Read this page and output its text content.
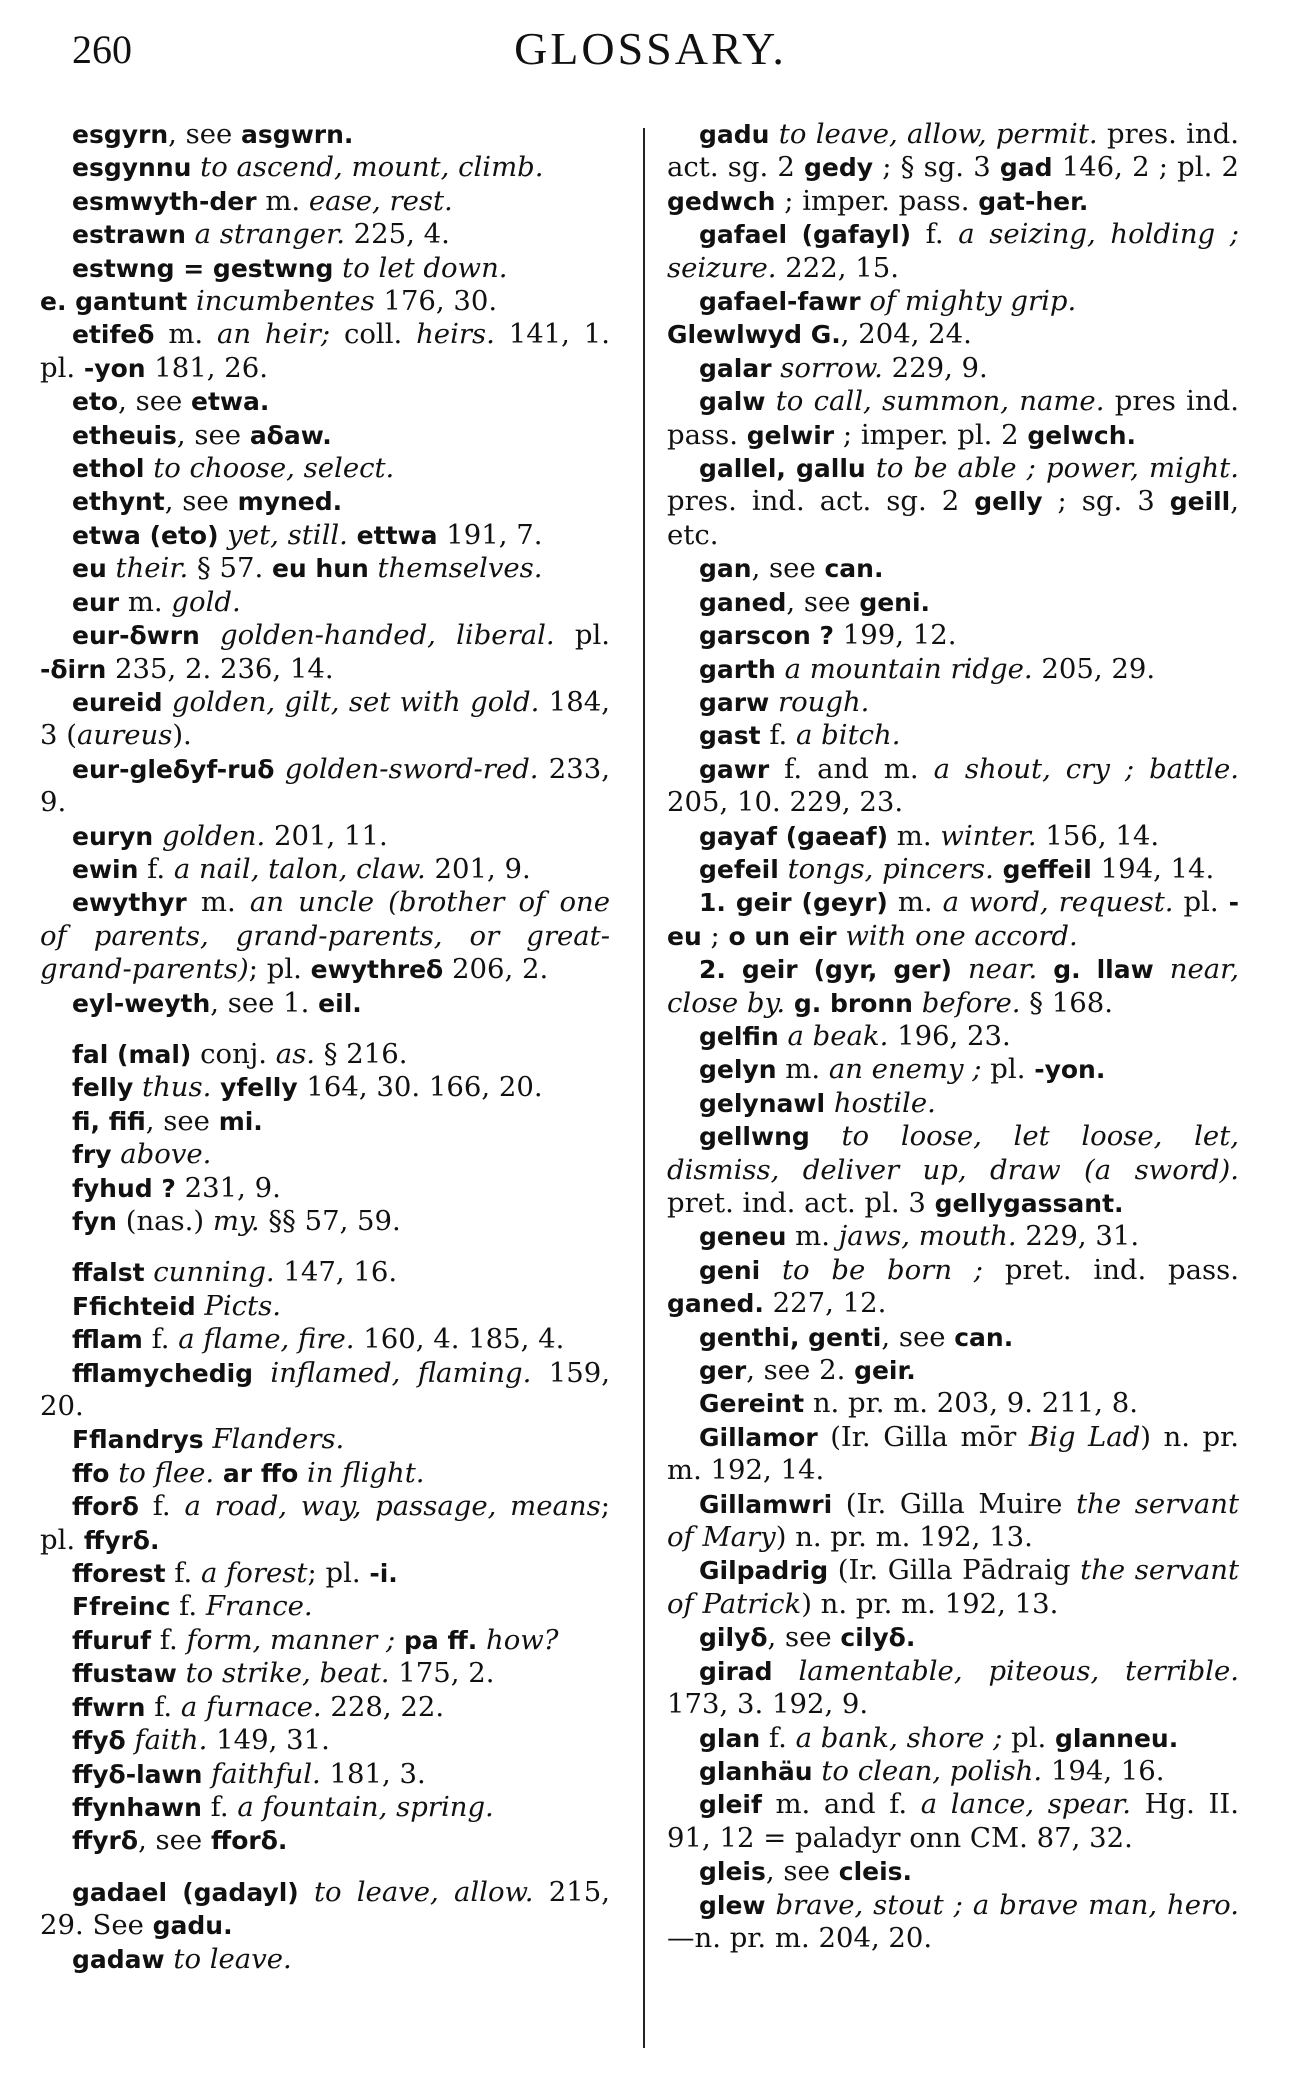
260	GLOSSARY.

esgyrn, see asgwrn.

esgynnu to ascend, mount, climb.

esmwyth-der m. ease, rest.

estrawn a stranger. 225, 4.

estwng = gestwng to let down.

e. gantunt incumbentes 176, 30.

etifeδ m. an heir; coll. heirs. 141, 1. pl. -yon 181, 26.

eto, see etwa.

etheuis, see aδaw.

ethol to choose, select.

ethynt, see myned.

etwa (eto) yet, still. ettwa 191, 7.

eu their. § 57. eu hun themselves.

eur m. gold.

eur-δwrn golden-handed, liberal. pl. -δirn 235, 2. 236, 14.

eureid golden, gilt, set with gold. 184, 3 (aureus).

eur-gleδyf-ruδ golden-sword-red. 233, 9.

euryn golden. 201, 11.

ewin f. a nail, talon, claw. 201, 9.

ewythyr m. an uncle (brother of one of parents, grand-parents, or great-grand-parents); pl. ewythreδ 206, 2.

eyl-weyth, see 1. eil.

fal (mal) conj. as. § 216.

felly thus. yfelly 164, 30. 166, 20.

fi, fifi, see mi.

fry above.

fyhud ? 231, 9.

fyn (nas.) my. §§ 57, 59.

ffalst cunning. 147, 16.

Ffichteid Picts.

fflam f. a flame, fire. 160, 4. 185, 4.

fflamychedig inflamed, flaming. 159, 20.

Fflandrys Flanders.

ffo to flee. ar ffo in flight.

fforδ f. a road, way, passage, means; pl. ffyrδ.

fforest f. a forest; pl. -i.

Ffreinc f. France.

ffuruf f. form, manner ; pa ff. how?

ffustaw to strike, beat. 175, 2.

ffwrn f. a furnace. 228, 22.

ffyδ faith. 149, 31.

ffyδ-lawn faithful. 181, 3.

ffynhawn f. a fountain, spring.

ffyrδ, see fforδ.

gadael (gadayl) to leave, allow. 215, 29. See gadu.

gadaw to leave.

gadu to leave, allow, permit. pres. ind. act. sg. 2 gedy ; § sg. 3 gad 146, 2 ; pl. 2 gedwch ; imper. pass. gat-her.

gafael (gafayl) f. a seizing, holding ; seizure. 222, 15.

gafael-fawr of mighty grip.

Glewlwyd G., 204, 24.

galar sorrow. 229, 9.

galw to call, summon, name. pres ind. pass. gelwir ; imper. pl. 2 gelwch.

gallel, gallu to be able ; power, might. pres. ind. act. sg. 2 gelly ; sg. 3 geill, etc.

gan, see can.

ganed, see geni.

garscon ? 199, 12.

garth a mountain ridge. 205, 29.

garw rough.

gast f. a bitch.

gawr f. and m. a shout, cry ; battle. 205, 10. 229, 23.

gayaf (gaeaf) m. winter. 156, 14.

gefeil tongs, pincers. geffeil 194, 14.

1. geir (geyr) m. a word, request. pl. -eu ; o un eir with one accord.

2. geir (gyr, ger) near. g. llaw near, close by. g. bronn before. § 168.

gelfin a beak. 196, 23.

gelyn m. an enemy ; pl. -yon.

gelynawl hostile.

gellwng to loose, let loose, let, dismiss, deliver up, draw (a sword). pret. ind. act. pl. 3 gellygassant.

geneu m. jaws, mouth. 229, 31.

geni to be born ; pret. ind. pass. ganed. 227, 12.

genthi, genti, see can.

ger, see 2. geir.

Gereint n. pr. m. 203, 9. 211, 8.

Gillamor (Ir. Gilla mōr Big Lad) n. pr. m. 192, 14.

Gillamwri (Ir. Gilla Muire the servant of Mary) n. pr. m. 192, 13.

Gilpadrig (Ir. Gilla Pādraig the servant of Patrick) n. pr. m. 192, 13.

gilyδ, see cilyδ.

girad lamentable, piteous, terrible. 173, 3. 192, 9.

glan f. a bank, shore ; pl. glanneu.

glanhäu to clean, polish. 194, 16.

gleif m. and f. a lance, spear. Hg. II. 91, 12 = paladyr onn CM. 87, 32.

gleis, see cleis.

glew brave, stout ; a brave man, hero.—n. pr. m. 204, 20.
